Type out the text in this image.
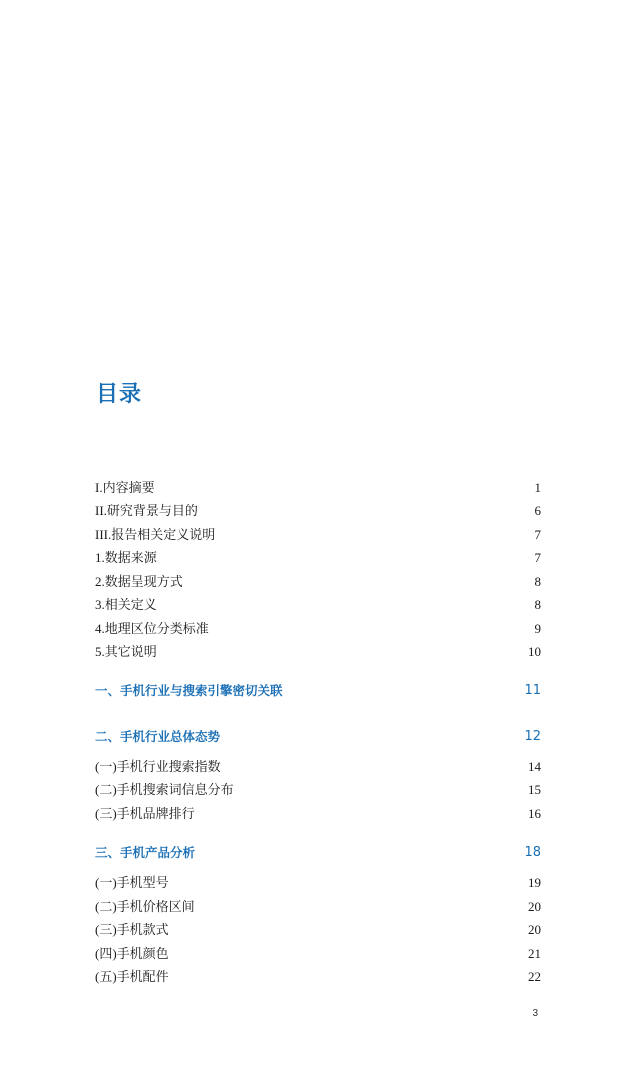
目录
I.内容摘要	1
II.研究背景与目的	6
III.报告相关定义说明	7
1.数据来源	7
2.数据呈现方式	8
3.相关定义	8
4.地理区位分类标准	9
5.其它说明	10
一、手机行业与搜索引擎密切关联	11
二、手机行业总体态势	12
(一)手机行业搜索指数	14
(二)手机搜索词信息分布	15
(三)手机品牌排行	16
三、手机产品分析	18
(一)手机型号	19
(二)手机价格区间	20
(三)手机款式	20
(四)手机颜色	21
(五)手机配件	22
3
